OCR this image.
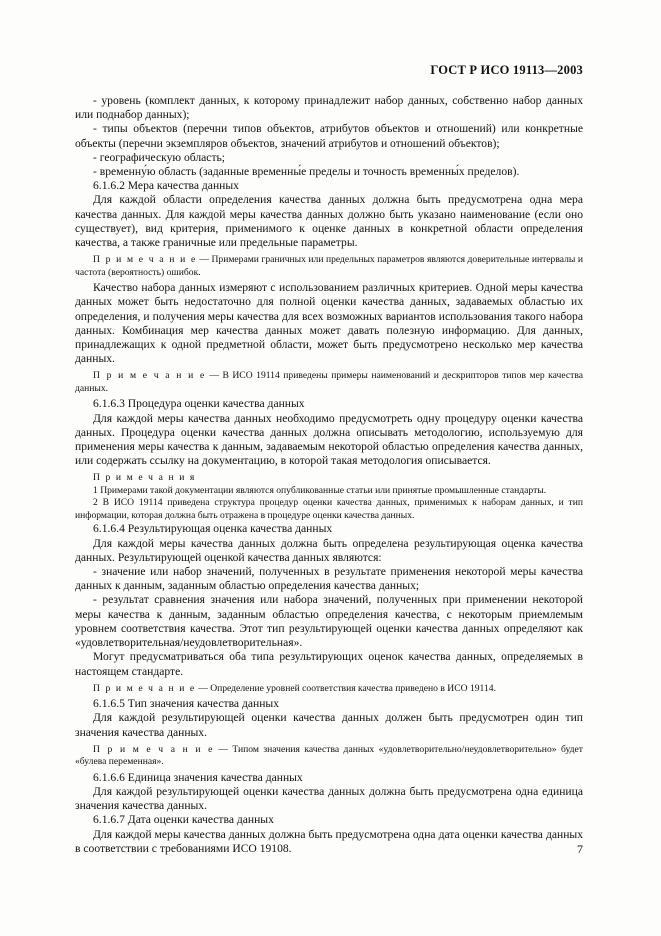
ГОСТ Р ИСО 19113—2003
- уровень (комплект данных, к которому принадлежит набор данных, собственно набор данных или поднабор данных);
- типы объектов (перечни типов объектов, атрибутов объектов и отношений) или конкретные объекты (перечни экземпляров объектов, значений атрибутов и отношений объектов);
- географическую область;
- временну́ю область (заданные временны́е пределы и точность временны́х пределов).
6.1.6.2 Мера качества данных
Для каждой области определения качества данных должна быть предусмотрена одна мера качества данных. Для каждой меры качества данных должно быть указано наименование (если оно существует), вид критерия, применимого к оценке данных в конкретной области определения качества, а также граничные или предельные параметры.
П р и м е ч а н и е — Примерами граничных или предельных параметров являются доверительные интервалы и частота (вероятность) ошибок.
Качество набора данных измеряют с использованием различных критериев. Одной меры качества данных может быть недостаточно для полной оценки качества данных, задаваемых областью их определения, и получения меры качества для всех возможных вариантов использования такого набора данных. Комбинация мер качества данных может давать полезную информацию. Для данных, принадлежащих к одной предметной области, может быть предусмотрено несколько мер качества данных.
П р и м е ч а н и е — В ИСО 19114 приведены примеры наименований и дескрипторов типов мер качества данных.
6.1.6.3 Процедура оценки качества данных
Для каждой меры качества данных необходимо предусмотреть одну процедуру оценки качества данных. Процедура оценки качества данных должна описывать методологию, используемую для применения меры качества к данным, задаваемым некоторой областью определения качества данных, или содержать ссылку на документацию, в которой такая методология описывается.
П р и м е ч а н и я
1 Примерами такой документации являются опубликованные статьи или принятые промышленные стандарты.
2 В ИСО 19114 приведена структура процедур оценки качества данных, применимых к наборам данных, и тип информации, которая должна быть отражена в процедуре оценки качества данных.
6.1.6.4 Результирующая оценка качества данных
Для каждой меры качества данных должна быть определена результирующая оценка качества данных. Результирующей оценкой качества данных являются:
- значение или набор значений, полученных в результате применения некоторой меры качества данных к данным, заданным областью определения качества данных;
- результат сравнения значения или набора значений, полученных при применении некоторой меры качества к данным, заданным областью определения качества, с некоторым приемлемым уровнем соответствия качества. Этот тип результирующей оценки качества данных определяют как «удовлетворительная/неудовлетворительная».
Могут предусматриваться оба типа результирующих оценок качества данных, определяемых в настоящем стандарте.
П р и м е ч а н и е — Определение уровней соответствия качества приведено в ИСО 19114.
6.1.6.5 Тип значения качества данных
Для каждой результирующей оценки качества данных должен быть предусмотрен один тип значения качества данных.
П р и м е ч а н и е — Типом значения качества данных «удовлетворительно/неудовлетворительно» будет «булева переменная».
6.1.6.6 Единица значения качества данных
Для каждой результирующей оценки качества данных должна быть предусмотрена одна единица значения качества данных.
6.1.6.7 Дата оценки качества данных
Для каждой меры качества данных должна быть предусмотрена одна дата оценки качества данных в соответствии с требованиями ИСО 19108.	7
